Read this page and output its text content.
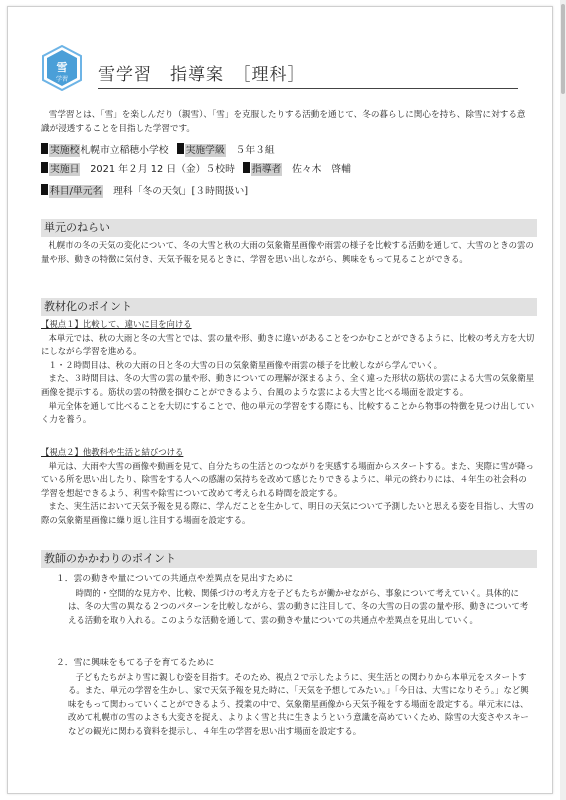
雪
学習 雪学習　指導案　［理科］
雪学習とは、「雪」を楽しんだり（親雪）、「雪」を克服したりする活動を通じて、冬の暮らしに関心を持ち、除雪に対する意識が浸透することを目指した学習です。
実施校札幌市立稲穂小学校 実施学級　 ５年３組
実施日　 2021 年２月 12 日（金）５校時 指導者　 佐々木　啓輔
科目/単元名　 理科「冬の天気」[３時間扱い]
単元のねらい
札幌市の冬の天気の変化について、冬の大雪と秋の大雨の気象衛星画像や雨雲の様子を比較する活動を通して、大雪のときの雲の量や形、動きの特徴に気付き、天気予報を見るときに、学習を思い出しながら、興味をもって見ることができる。
教材化のポイント
【視点１】比較して、違いに目を向ける
本単元では、秋の大雨と冬の大雪とでは、雲の量や形、動きに違いがあることをつかむことができるように、比較の考え方を大切にしながら学習を進める。
１・２時間目は、秋の大雨の日と冬の大雪の日の気象衛星画像や雨雲の様子を比較しながら学んでいく。
また、３時間目は、冬の大雪の雲の量や形、動きについての理解が深まるよう、全く違った形状の筋状の雲による大雪の気象衛星画像を提示する。筋状の雲の特徴を掴むことができるよう、台風のような雲による大雪と比べる場面を設定する。
単元全体を通して比べることを大切にすることで、他の単元の学習をする際にも、比較することから物事の特徴を見つけ出していく力を養う。
【視点２】他教科や生活と結びつける
単元は、大雨や大雪の画像や動画を見て、自分たちの生活とのつながりを実感する場面からスタートする。また、実際に雪が降っている所を思い出したり、除雪をする人への感謝の気持ちを改めて感じたりできるように、単元の終わりには、４年生の社会科の学習を想起できるよう、利雪や除雪について改めて考えられる時間を設定する。
また、実生活において天気予報を見る際に、学んだことを生かして、明日の天気について予測したいと思える姿を目指し、大雪の際の気象衛星画像に繰り返し注目する場面を設定する。
教師のかかわりのポイント
１．雲の動きや量についての共通点や差異点を見出すために
時間的・空間的な見方や、比較、関係づけの考え方を子どもたちが働かせながら、事象について考えていく。具体的には、冬の大雪の異なる２つのパターンを比較しながら、雲の動きに注目して、冬の大雪の日の雲の量や形、動きについて考える活動を取り入れる。このような活動を通して、雲の動きや量についての共通点や差異点を見出していく。
２．雪に興味をもてる子を育てるために
子どもたちがより雪に親しむ姿を目指す。そのため、視点２で示したように、実生活との関わりから本単元をスタートする。また、単元の学習を生かし、家で天気予報を見た時に、「天気を予想してみたい。」「今日は、大雪になりそう。」など興味をもって関わっていくことができるよう、授業の中で、気象衛星画像から天気予報をする場面を設定する。単元末には、改めて札幌市の雪のよさも大変さを捉え、よりよく雪と共に生きようという意識を高めていくため、除雪の大変さやスキーなどの観光に関わる資料を提示し、４年生の学習を思い出す場面を設定する。
